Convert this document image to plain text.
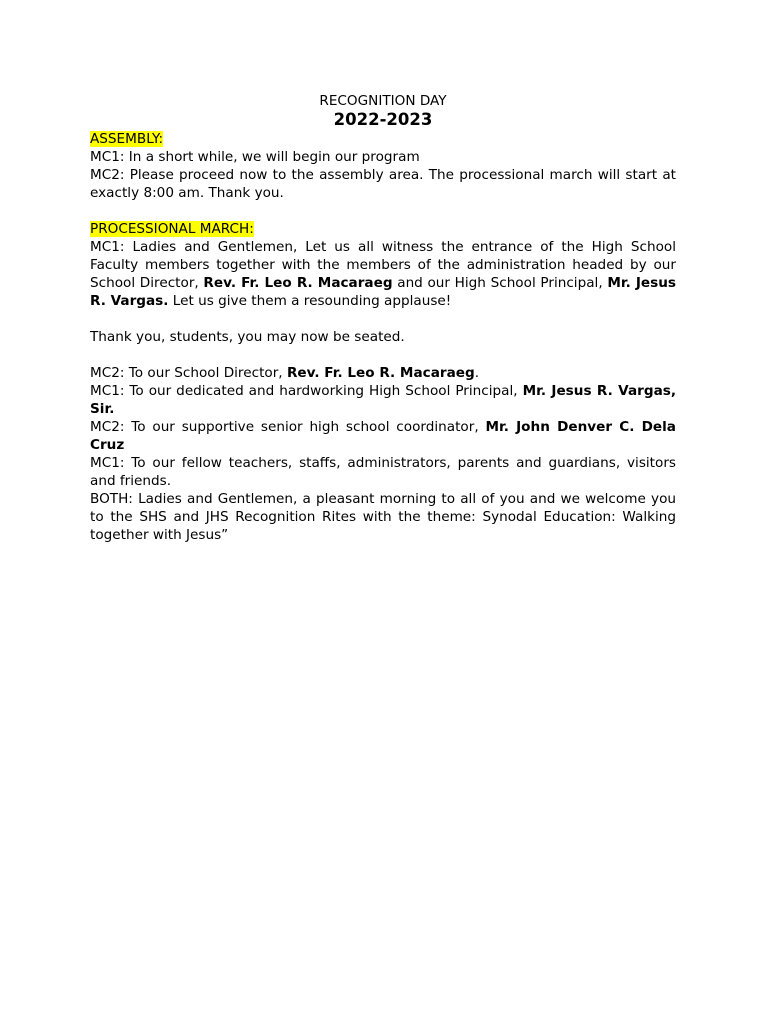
RECOGNITION DAY
2022-2023
ASSEMBLY:

MC1: In a short while, we will begin our program

MC2: Please proceed now to the assembly area. The processional march will start at exactly 8:00 am. Thank you.

PROCESSIONAL MARCH:

MC1: Ladies and Gentlemen, Let us all witness the entrance of the High School Faculty members together with the members of the administration headed by our School Director, Rev. Fr. Leo R. Macaraeg and our High School Principal, Mr. Jesus R. Vargas. Let us give them a resounding applause!

Thank you, students, you may now be seated.

MC2: To our School Director, Rev. Fr. Leo R. Macaraeg.

MC1: To our dedicated and hardworking High School Principal, Mr. Jesus R. Vargas, Sir.

MC2: To our supportive senior high school coordinator, Mr. John Denver C. Dela Cruz

MC1: To our fellow teachers, staffs, administrators, parents and guardians, visitors and friends.

BOTH: Ladies and Gentlemen, a pleasant morning to all of you and we welcome you to the SHS and JHS Recognition Rites with the theme: Synodal Education: Walking together with Jesus”
